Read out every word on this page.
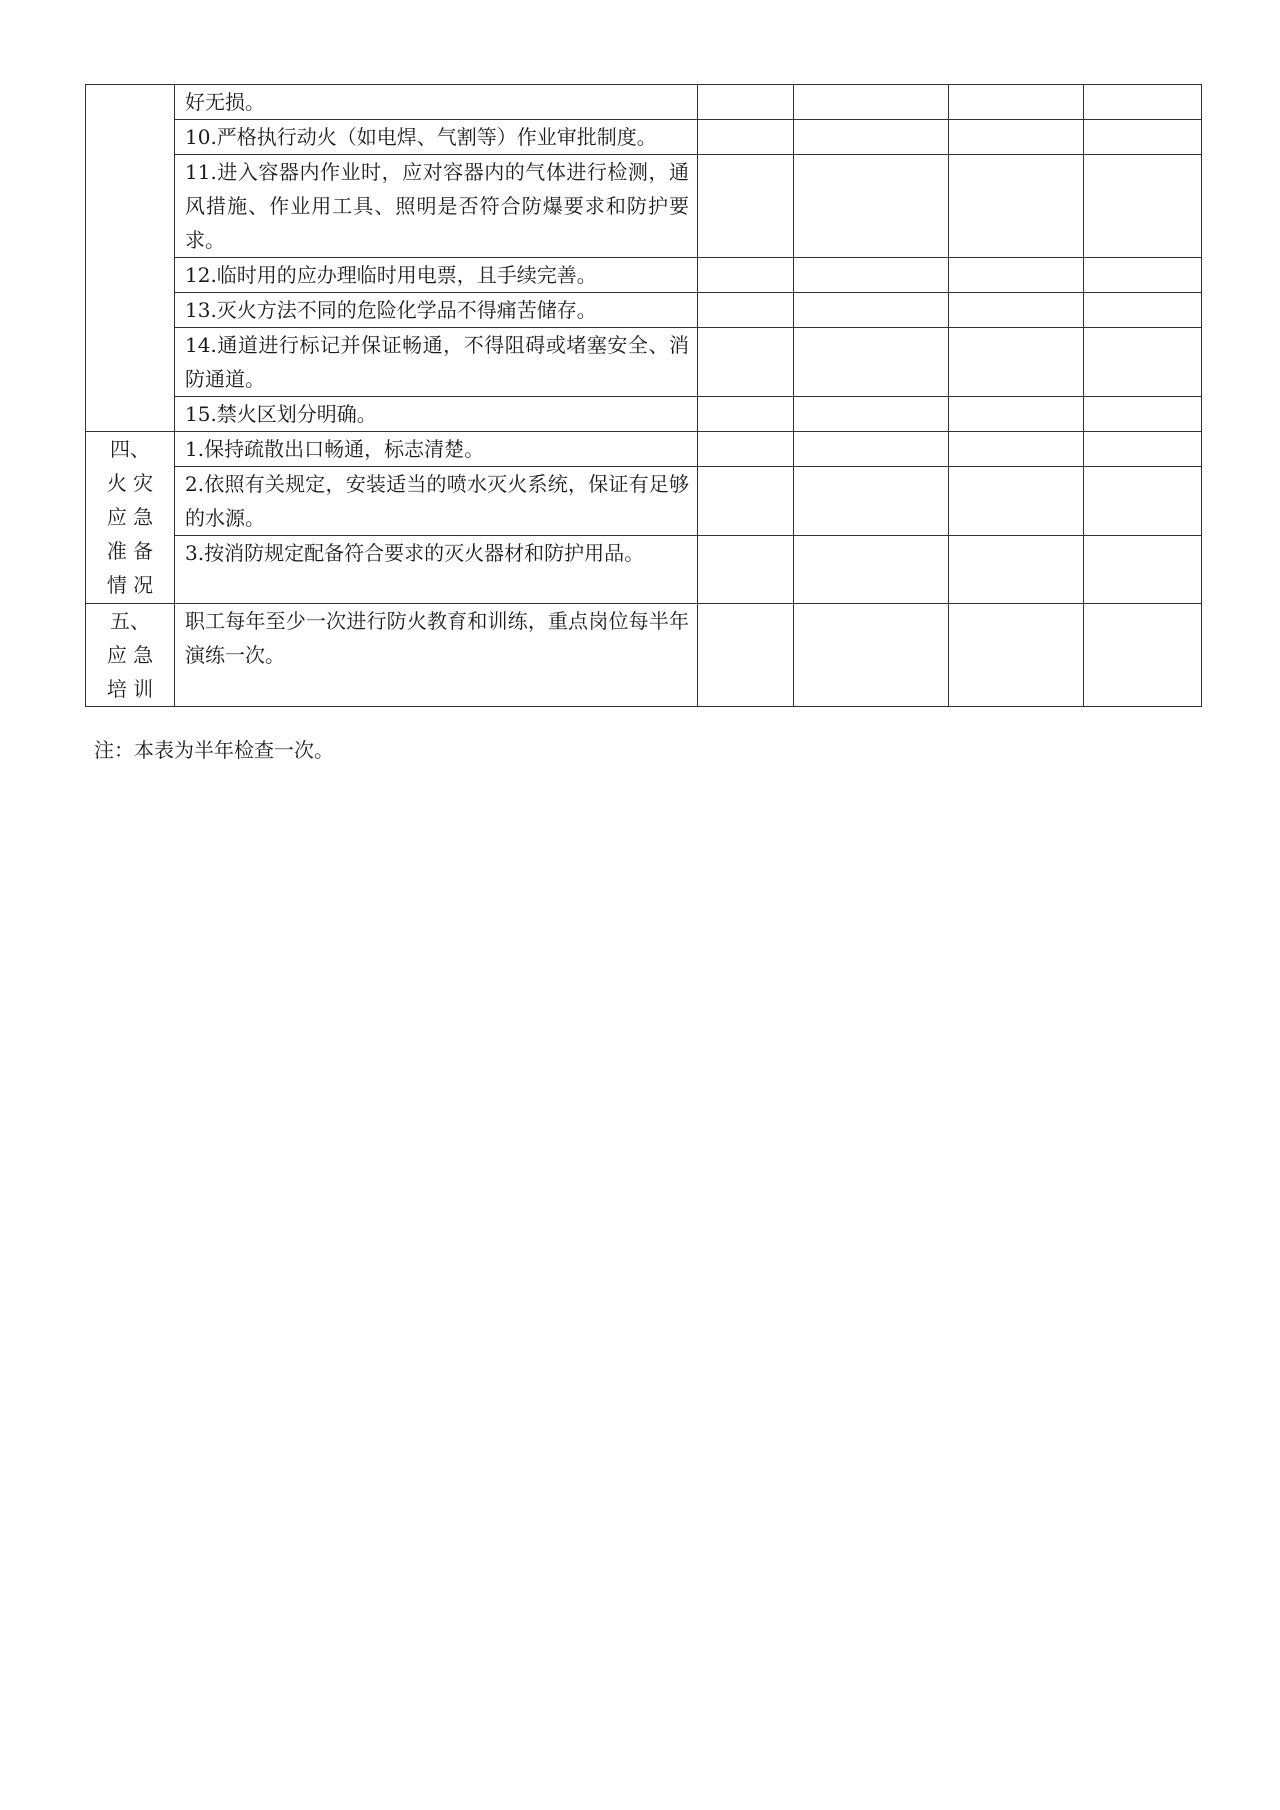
	好无损。				
	10.严格执行动火（如电焊、气割等）作业审批制度。				
	11.进入容器内作业时，应对容器内的气体进行检测，通风措施、作业用工具、照明是否符合防爆要求和防护要求。				
	12.临时用的应办理临时用电票，且手续完善。				
	13.灭火方法不同的危险化学品不得痛苦储存。				
	14.通道进行标记并保证畅通，不得阻碍或堵塞安全、消防通道。				
	15.禁火区划分明确。				

四、
火 灾
应 急
准 备
情 况	1.保持疏散出口畅通，标志清楚。				
	2.依照有关规定，安装适当的喷水灭火系统，保证有足够的水源。				
	3.按消防规定配备符合要求的灭火器材和防护用品。				

五、
应 急
培 训	职工每年至少一次进行防火教育和训练，重点岗位每半年演练一次。				
注：本表为半年检查一次。
